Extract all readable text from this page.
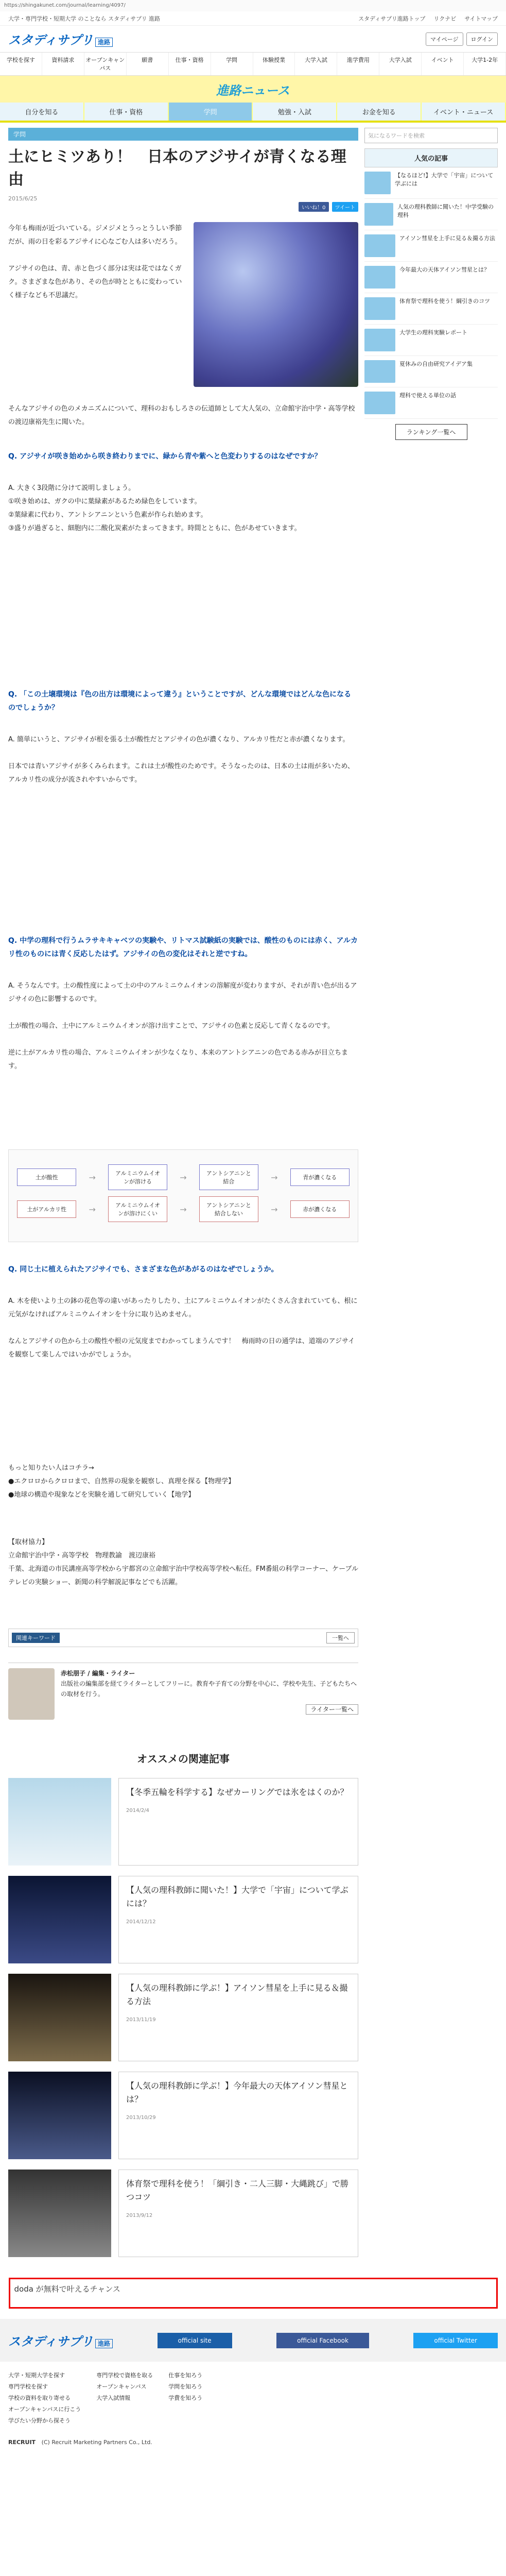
https://shingakunet.com/journal/learning/4097/
大学・専門学校・短期大学 のことなら スタディサプリ 進路	スタディサプリ進路トップ リクナビ サイトマップ
スタディサプリ 進路	マイページ	ログイン
学校を探す	資料請求	オープンキャンパス
願書	仕事・資格	学問	体験授業	大学入試	進学費用	大学入試	イベント	大学1-2年
進路ニュース
自分を知る	仕事・資格	学問	勉強・入試	お金を知る	イベント・ニュース
学問
土にヒミツあり！　日本のアジサイが青くなる理由
2015/6/25
いいね！0	ツイート

今年も梅雨が近づいている。ジメジメとうっとうしい季節だが、雨の日を彩るアジサイに心なごむ人は多いだろう。

アジサイの色は、青、赤と色づく部分は実は花ではなくガク。さまざまな色があり、その色が時とともに変わっていく様子なども不思議だ。

そんなアジサイの色のメカニズムについて、理科のおもしろさの伝道師として大人気の、立命館宇治中学・高等学校の渡辺康裕先生に聞いた。

Q. アジサイが咲き始めから咲き終わりまでに、緑から青や紫へと色変わりするのはなぜですか？

A. 大きく3段階に分けて説明しましょう。
①咲き始めは、ガクの中に葉緑素があるため緑色をしています。
②葉緑素に代わり、アントシアニンという色素が作られ始めます。
③盛りが過ぎると、細胞内に二酸化炭素がたまってきます。時間とともに、色があせていきます。

Q. 「この土壌環境は『色の出方は環境によって違う』ということですが、どんな環境ではどんな色になるのでしょうか？

A. 簡単にいうと、アジサイが根を張る土が酸性だとアジサイの色が濃くなり、アルカリ性だと赤が濃くなります。

日本では青いアジサイが多くみられます。これは土が酸性のためです。そうなったのは、日本の土は雨が多いため、アルカリ性の成分が流されやすいからです。

Q. 中学の理科で行うムラサキキャベツの実験や、リトマス試験紙の実験では、酸性のものには赤く、アルカリ性のものには青く反応したはず。アジサイの色の変化はそれと逆ですね。

A. そうなんです。土の酸性度によって土の中のアルミニウムイオンの溶解度が変わりますが、それが青い色が出るアジサイの色に影響するのです。

土が酸性の場合、土中にアルミニウムイオンが溶け出すことで、アジサイの色素と反応して青くなるのです。

逆に土がアルカリ性の場合、アルミニウムイオンが少なくなり、本来のアントシアニンの色である赤みが目立ちます。

土が酸性	→	アルミニウムイオンが溶ける	→	アントシアニンと結合	→	青が濃くなる
土がアルカリ性	→	アルミニウムイオンが溶けにくい	→	アントシアニンと結合しない	→	赤が濃くなる
Q. 同じ土に植えられたアジサイでも、さまざまな色があがるのはなぜでしょうか。

A. 木を使いより土の鉢の花色等の違いがあったりしたり、土にアルミニウムイオンがたくさん含まれていても、根に元気がなければアルミニウムイオンを十分に取り込めません。

なんとアジサイの色から土の酸性や根の元気度までわかってしまうんです！　梅雨時の日の通学は、道端のアジサイを観察して楽しんではいかがでしょうか。

もっと知りたい人はコチラ→
●エクロロからクロロまで、自然界の現象を観察し、真理を探る【物理学】
●地球の構造や現象などを実験を通して研究していく【地学】

【取材協力】
立命館宇治中学・高等学校　物理教諭　渡辺康裕
千葉、北海道の市民講座高等学校から宇都宮の立命館宇治中学校高等学校へ転任。FM番組の科学コーナー、ケーブルテレビの実験ショー、新聞の科学解説記事などでも活躍。

関連キーワード	一覧へ
赤松朋子 / 編集・ライター
出版社の編集部を経てライターとしてフリーに。教育や子育ての分野を中心に、学校や先生、子どもたちへの取材を行う。
ライター一覧へ
オススメの関連記事
【冬季五輪を科学する】なぜカーリングでは氷をはくのか？
2014/2/4
【人気の理科教師に聞いた！】大学で「宇宙」について学ぶには？
2014/12/12
【人気の理科教師に学ぶ！】アイソン彗星を上手に見る＆撮る方法
2013/11/19
【人気の理科教師に学ぶ！】今年最大の天体アイソン彗星とは？
2013/10/29
体育祭で理科を使う！「綱引き・二人三脚・大縄跳び」で勝つコツ
2013/9/12
気になるワードを検索
人気の記事
【なるほど!】大学で「宇宙」について学ぶには
人気の理科教師に聞いた！中学受験の理科
アイソン彗星を上手に見る＆撮る方法
今年最大の天体アイソン彗星とは？
体育祭で理科を使う！綱引きのコツ
大学生の理科実験レポート
夏休みの自由研究アイデア集
理科で使える単位の話
ランキング一覧へ
doda が無料で叶えるチャンス
スタディサプリ 進路	official site	official Facebook	official Twitter
大学・短期大学を探す
専門学校を探す
学校の資料を取り寄せる
オープンキャンパスに行こう
学びたい分野から探そう
専門学校で資格を取る
オープンキャンパス
大学入試情報
仕事を知ろう
学問を知ろう
学費を知ろう
RECRUIT (C) Recruit Marketing Partners Co., Ltd.
